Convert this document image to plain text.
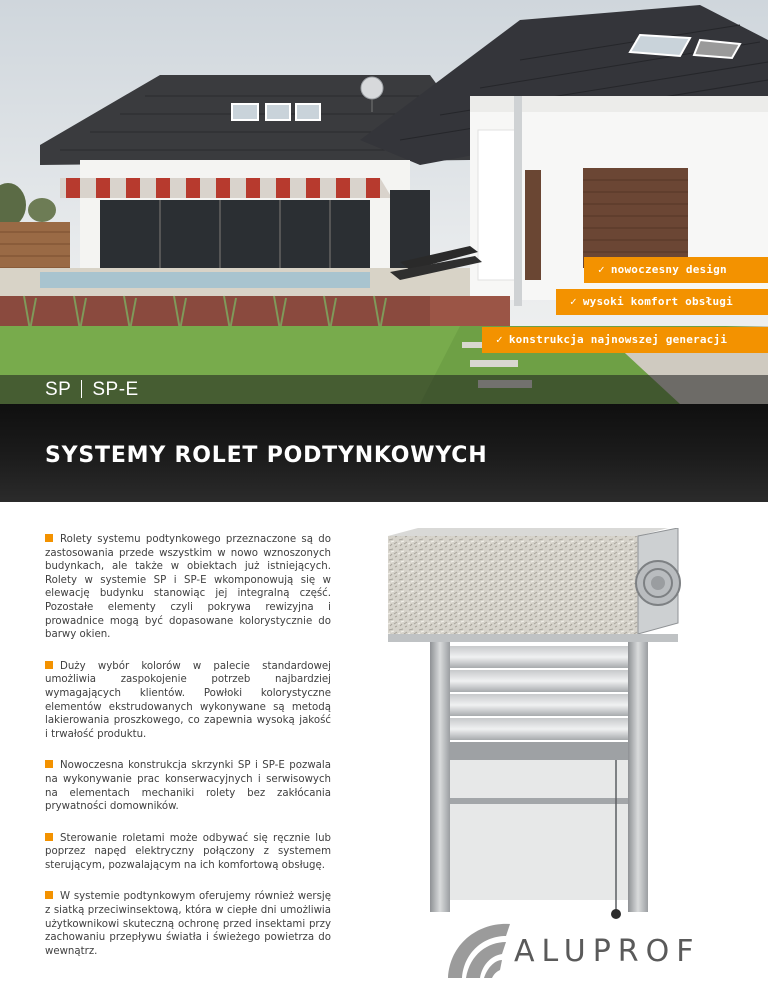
✓ nowoczesny design
✓ wysoki komfort obsługi
✓ konstrukcja najnowszej generacji
SP SP-E
SYSTEMY ROLET PODTYNKOWYCH

Rolety systemu podtynkowego przeznaczone są do zastosowania przede wszystkim w nowo wznoszonych budynkach, ale także w obiektach już istniejących. Rolety w systemie SP i SP-E wkomponowują się w elewację budynku stanowiąc jej integralną część. Pozostałe elementy czyli pokrywa rewizyjna i prowadnice mogą być dopasowane kolorystycznie do barwy okien.

Duży wybór kolorów w palecie standardowej umożliwia zaspokojenie potrzeb najbardziej wymagających klientów. Powłoki kolorystyczne elementów ekstrudowanych wykonywane są metodą lakierowania proszkowego, co zapewnia wysoką jakość i trwałość produktu.

Nowoczesna konstrukcja skrzynki SP i SP-E pozwala na wykonywanie prac konserwacyjnych i serwisowych na elementach mechaniki rolety bez zakłócania prywatności domowników.

Sterowanie roletami może odbywać się ręcznie lub poprzez napęd elektryczny połączony z systemem sterującym, pozwalającym na ich komfortową obsługę.

W systemie podtynkowym oferujemy również wersję z siatką przeciwinsektową, która w ciepłe dni umożliwia użytkownikowi skuteczną ochronę przed insektami przy zachowaniu przepływu światła i świeżego powietrza do wewnątrz.	ALUPROF
